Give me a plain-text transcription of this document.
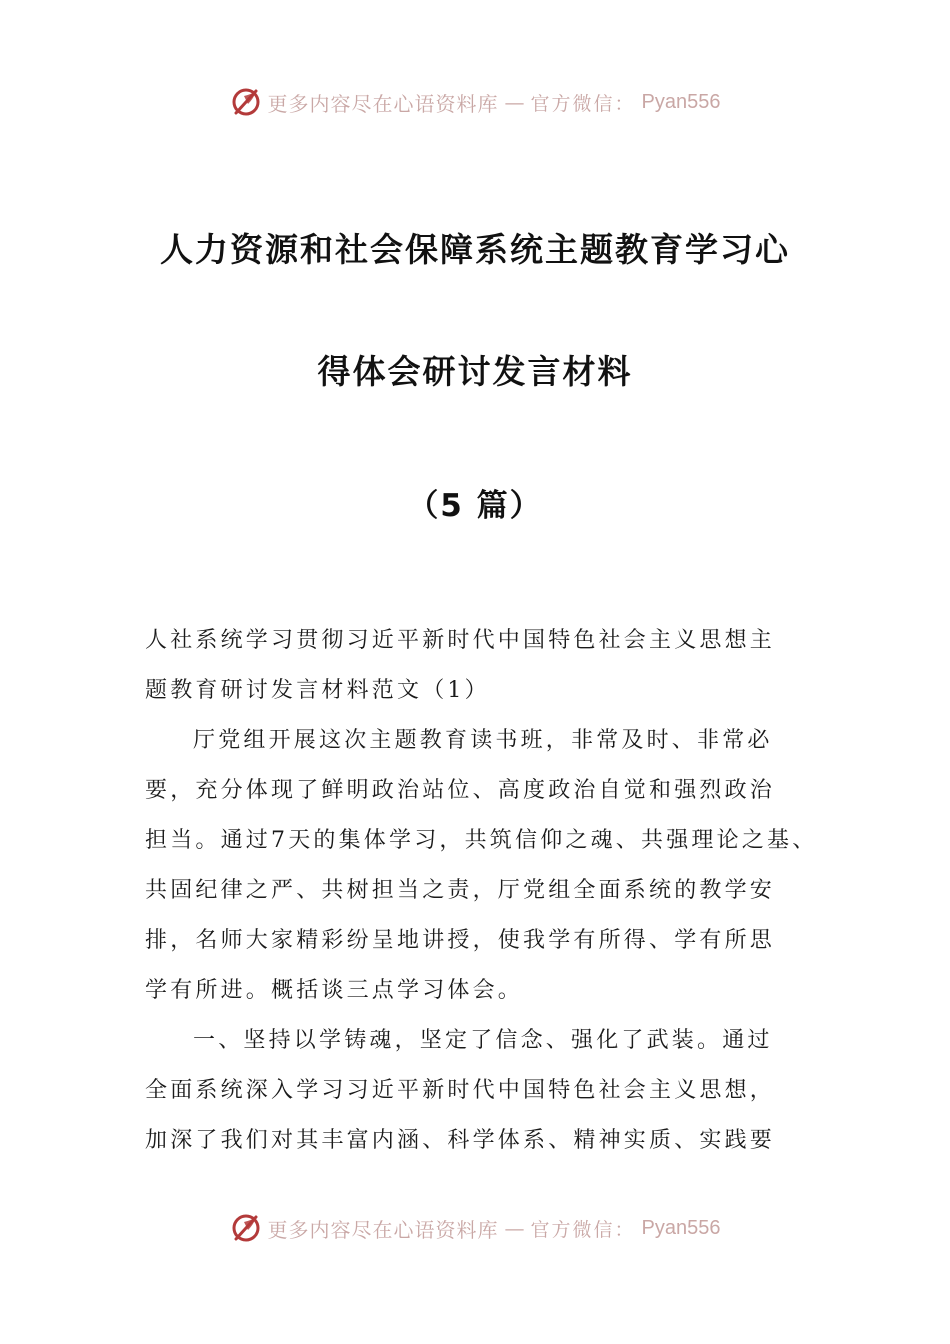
更多内容尽在心语资料库 — 官方微信： Pyan556
人力资源和社会保障系统主题教育学习心
得体会研讨发言材料
（5 篇）
人社系统学习贯彻习近平新时代中国特色社会主义思想主
题教育研讨发言材料范文（1）
厅党组开展这次主题教育读书班，非常及时、非常必
要，充分体现了鲜明政治站位、高度政治自觉和强烈政治
担当。通过7天的集体学习，共筑信仰之魂、共强理论之基、
共固纪律之严、共树担当之责，厅党组全面系统的教学安
排，名师大家精彩纷呈地讲授，使我学有所得、学有所思
学有所进。概括谈三点学习体会。
一、坚持以学铸魂，坚定了信念、强化了武装。通过
全面系统深入学习习近平新时代中国特色社会主义思想，
加深了我们对其丰富内涵、科学体系、精神实质、实践要
更多内容尽在心语资料库 — 官方微信： Pyan556
